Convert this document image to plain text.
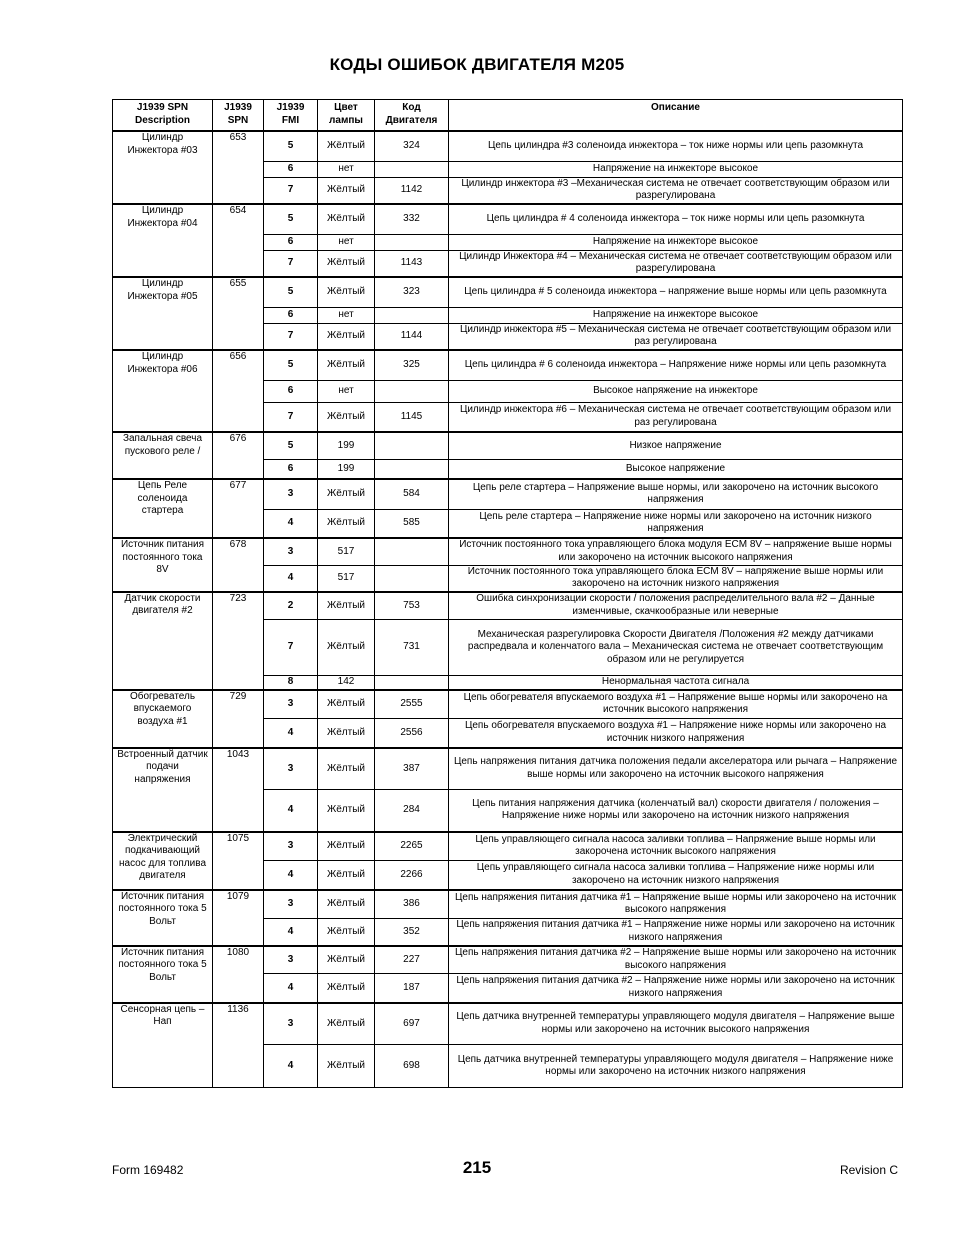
КОДЫ ОШИБОК ДВИГАТЕЛЯ М205
J1939 SPN Description	J1939 SPN	J1939 FMI	Цвет лампы	Код Двигателя	Описание
Цилиндр Инжектора #03	653	5	Жёлтый	324	Цепь цилиндра #3 соленоида инжектора – ток ниже нормы или цепь разомкнута
		6	нет		Напряжение на инжекторе высокое
		7	Жёлтый	1142	Цилиндр инжектора #3 –Механическая система не отвечает соответствующим образом или разрегулирована
Цилиндр Инжектора #04	654	5	Жёлтый	332	Цепь цилиндра # 4 соленоида инжектора – ток ниже нормы или цепь разомкнута
		6	нет		Напряжение на инжекторе высокое
		7	Жёлтый	1143	Цилиндр Инжектора #4 – Механическая система не отвечает соответствующим образом или разрегулирована
Цилиндр Инжектора #05	655	5	Жёлтый	323	Цепь цилиндра # 5 соленоида инжектора – напряжение выше нормы или цепь разомкнута
		6	нет		Напряжение на инжекторе высокое
		7	Жёлтый	1144	Цилиндр инжектора #5 – Механическая система не отвечает соответствующим образом или раз регулирована
Цилиндр Инжектора #06	656	5	Жёлтый	325	Цепь цилиндра # 6 соленоида инжектора – Напряжение ниже нормы или цепь разомкнута
		6	нет		Высокое напряжение на инжекторе
		7	Жёлтый	1145	Цилиндр инжектора #6 – Механическая система не отвечает соответствующим образом или раз регулирована
Запальная свеча пускового реле /	676	5	199		Низкое напряжение
		6	199		Высокое напряжение
Цепь Реле соленоида стартера	677	3	Жёлтый	584	Цепь реле стартера – Напряжение выше нормы, или закорочено на источник высокого напряжения
		4	Жёлтый	585	Цепь реле стартера – Напряжение ниже нормы или закорочено на источник низкого напряжения
Источник питания постоянного тока 8V	678	3	517		Источник постоянного тока управляющего блока модуля ECM 8V – напряжение выше нормы или закорочено на источник высокого напряжения
		4	517		Источник постоянного тока управляющего блока ECM 8V – напряжение выше нормы или закорочено на источник низкого напряжения
Датчик скорости двигателя #2	723	2	Жёлтый	753	Ошибка синхронизации скорости / положения распределительного вала #2 – Данные изменчивые, скачкообразные или неверные
		7	Жёлтый	731	Механическая разрегулировка Скорости Двигателя /Положения #2 между датчиками распредвала и коленчатого вала – Механическая система не отвечает соответствующим образом или не регулируется
		8	142		Ненормальная частота сигнала
Обогреватель впускаемого воздуха #1	729	3	Жёлтый	2555	Цепь обогревателя впускаемого воздуха #1 – Напряжение выше нормы или закорочено на источник высокого напряжения
		4	Жёлтый	2556	Цепь обогревателя впускаемого воздуха #1 – Напряжение ниже нормы или закорочено на источник низкого напряжения
Встроенный датчик подачи напряжения	1043	3	Жёлтый	387	Цепь напряжения питания датчика положения педали акселератора или рычага – Напряжение выше нормы или закорочено на источник высокого напряжения
		4	Жёлтый	284	Цепь питания напряжения датчика (коленчатый вал) скорости двигателя / положения – Напряжение ниже нормы или закорочено на источник низкого напряжения
Электрический подкачивающий насос для топлива двигателя	1075	3	Жёлтый	2265	Цепь управляющего сигнала насоса заливки топлива – Напряжение выше нормы или закорочена источник высокого напряжения
		4	Жёлтый	2266	Цепь управляющего сигнала насоса заливки топлива – Напряжение ниже нормы или закорочено на источник низкого напряжения
Источник питания постоянного тока 5 Вольт	1079	3	Жёлтый	386	Цепь напряжения питания датчика #1 – Напряжение выше нормы или закорочено на источник высокого напряжения
		4	Жёлтый	352	Цепь напряжения питания датчика #1 – Напряжение ниже нормы или закорочено на источник низкого напряжения
Источник питания постоянного тока 5 Вольт	1080	3	Жёлтый	227	Цепь напряжения питания датчика #2 – Напряжение выше нормы или закорочено на источник высокого напряжения
		4	Жёлтый	187	Цепь напряжения питания датчика #2 – Напряжение ниже нормы или закорочено на источник низкого напряжения
Сенсорная цепь – Нап	1136	3	Жёлтый	697	Цепь датчика внутренней температуры управляющего модуля двигателя – Напряжение выше нормы или закорочено на источник высокого напряжения
		4	Жёлтый	698	Цепь датчика внутренней температуры управляющего модуля двигателя – Напряжение ниже нормы или закорочено на источник низкого напряжения
Form 169482	215	Revision C
